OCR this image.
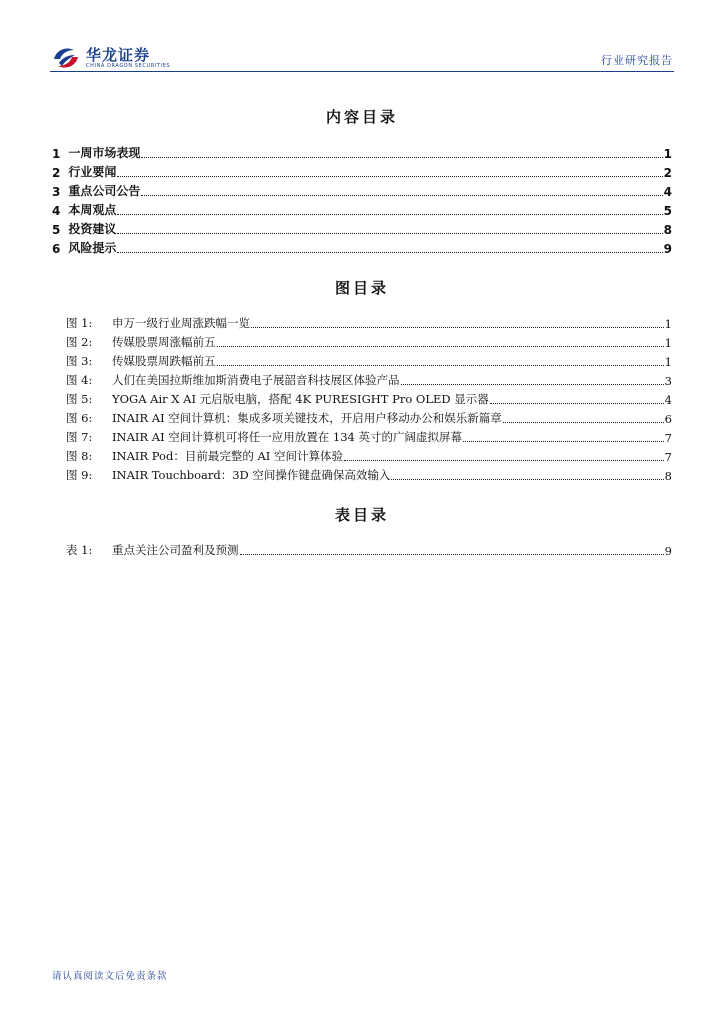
华龙证券
CHINA DRAGON SECURITIES	行业研究报告
内容目录
1 一周市场表现	1
2 行业要闻	2
3 重点公司公告	4
4 本周观点	5
5 投资建议	8
6 风险提示	9
图目录
图 1:	申万一级行业周涨跌幅一览	1
图 2:	传媒股票周涨幅前五	1
图 3:	传媒股票周跌幅前五	1
图 4:	人们在美国拉斯维加斯消费电子展韶音科技展区体验产品	3
图 5:	YOGA Air X AI 元启版电脑，搭配 4K PURESIGHT Pro OLED 显示器	4
图 6:	INAIR AI 空间计算机：集成多项关键技术，开启用户移动办公和娱乐新篇章	6
图 7:	INAIR AI 空间计算机可将任一应用放置在 134 英寸的广阔虚拟屏幕	7
图 8:	INAIR Pod：目前最完整的 AI 空间计算体验	7
图 9:	INAIR Touchboard：3D 空间操作键盘确保高效输入	8
表目录
表 1:	重点关注公司盈利及预测	9
请认真阅读文后免责条款
